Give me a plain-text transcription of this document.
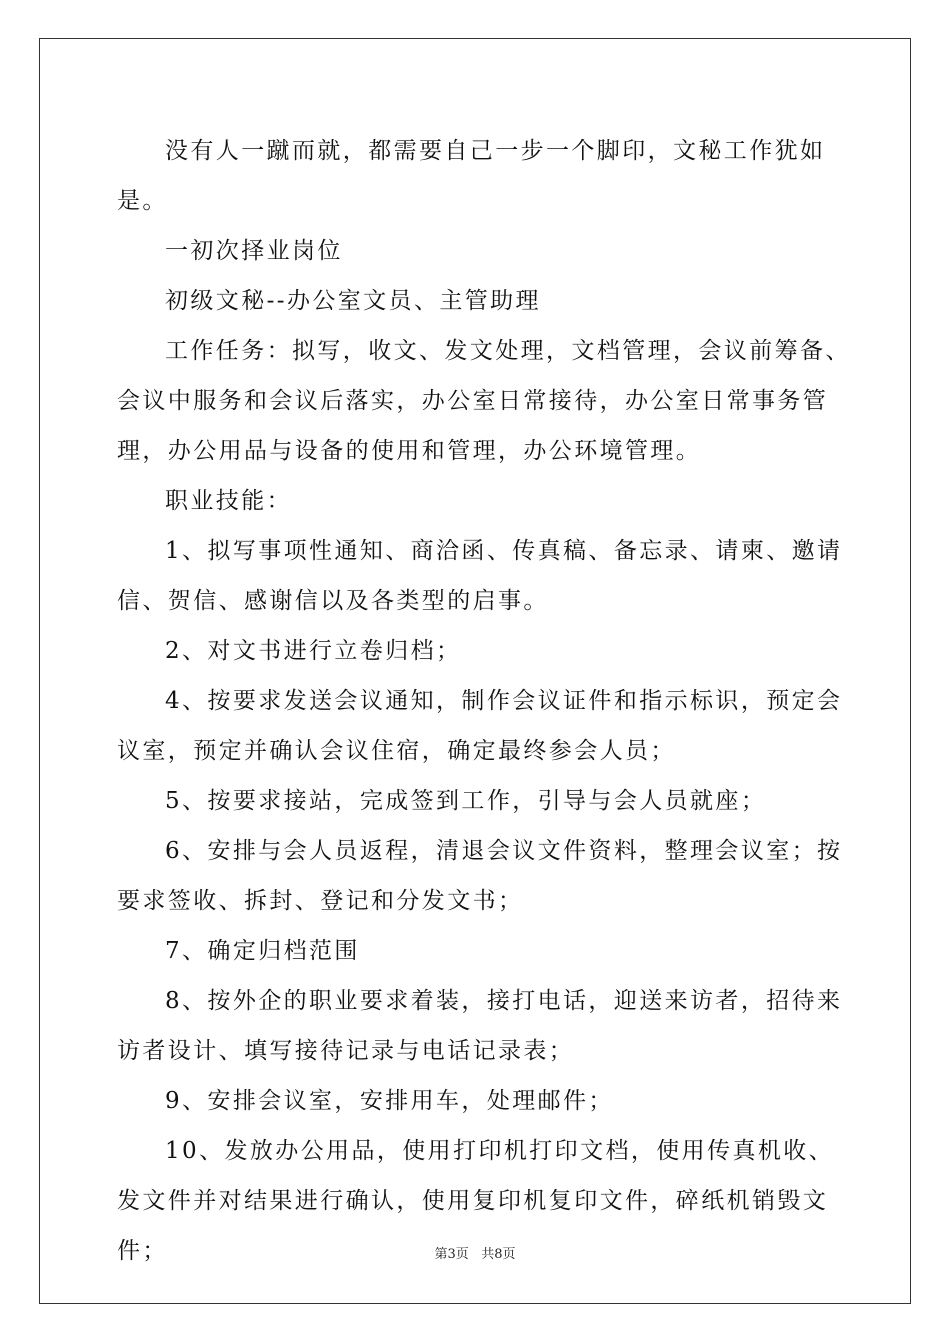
没有人一蹴而就，都需要自己一步一个脚印，文秘工作犹如是。

一初次择业岗位

初级文秘--办公室文员、主管助理

工作任务：拟写，收文、发文处理，文档管理，会议前筹备、会议中服务和会议后落实，办公室日常接待，办公室日常事务管理，办公用品与设备的使用和管理，办公环境管理。

职业技能：

1、拟写事项性通知、商洽函、传真稿、备忘录、请柬、邀请信、贺信、感谢信以及各类型的启事。

2、对文书进行立卷归档；

4、按要求发送会议通知，制作会议证件和指示标识，预定会议室，预定并确认会议住宿，确定最终参会人员；

5、按要求接站，完成签到工作，引导与会人员就座；

6、安排与会人员返程，清退会议文件资料，整理会议室；按要求签收、拆封、登记和分发文书；

7、确定归档范围

8、按外企的职业要求着装，接打电话，迎送来访者，招待来访者设计、填写接待记录与电话记录表；

9、安排会议室，安排用车，处理邮件；

10、发放办公用品，使用打印机打印文档，使用传真机收、发文件并对结果进行确认，使用复印机复印文件，碎纸机销毁文件；	第3页 共8页
